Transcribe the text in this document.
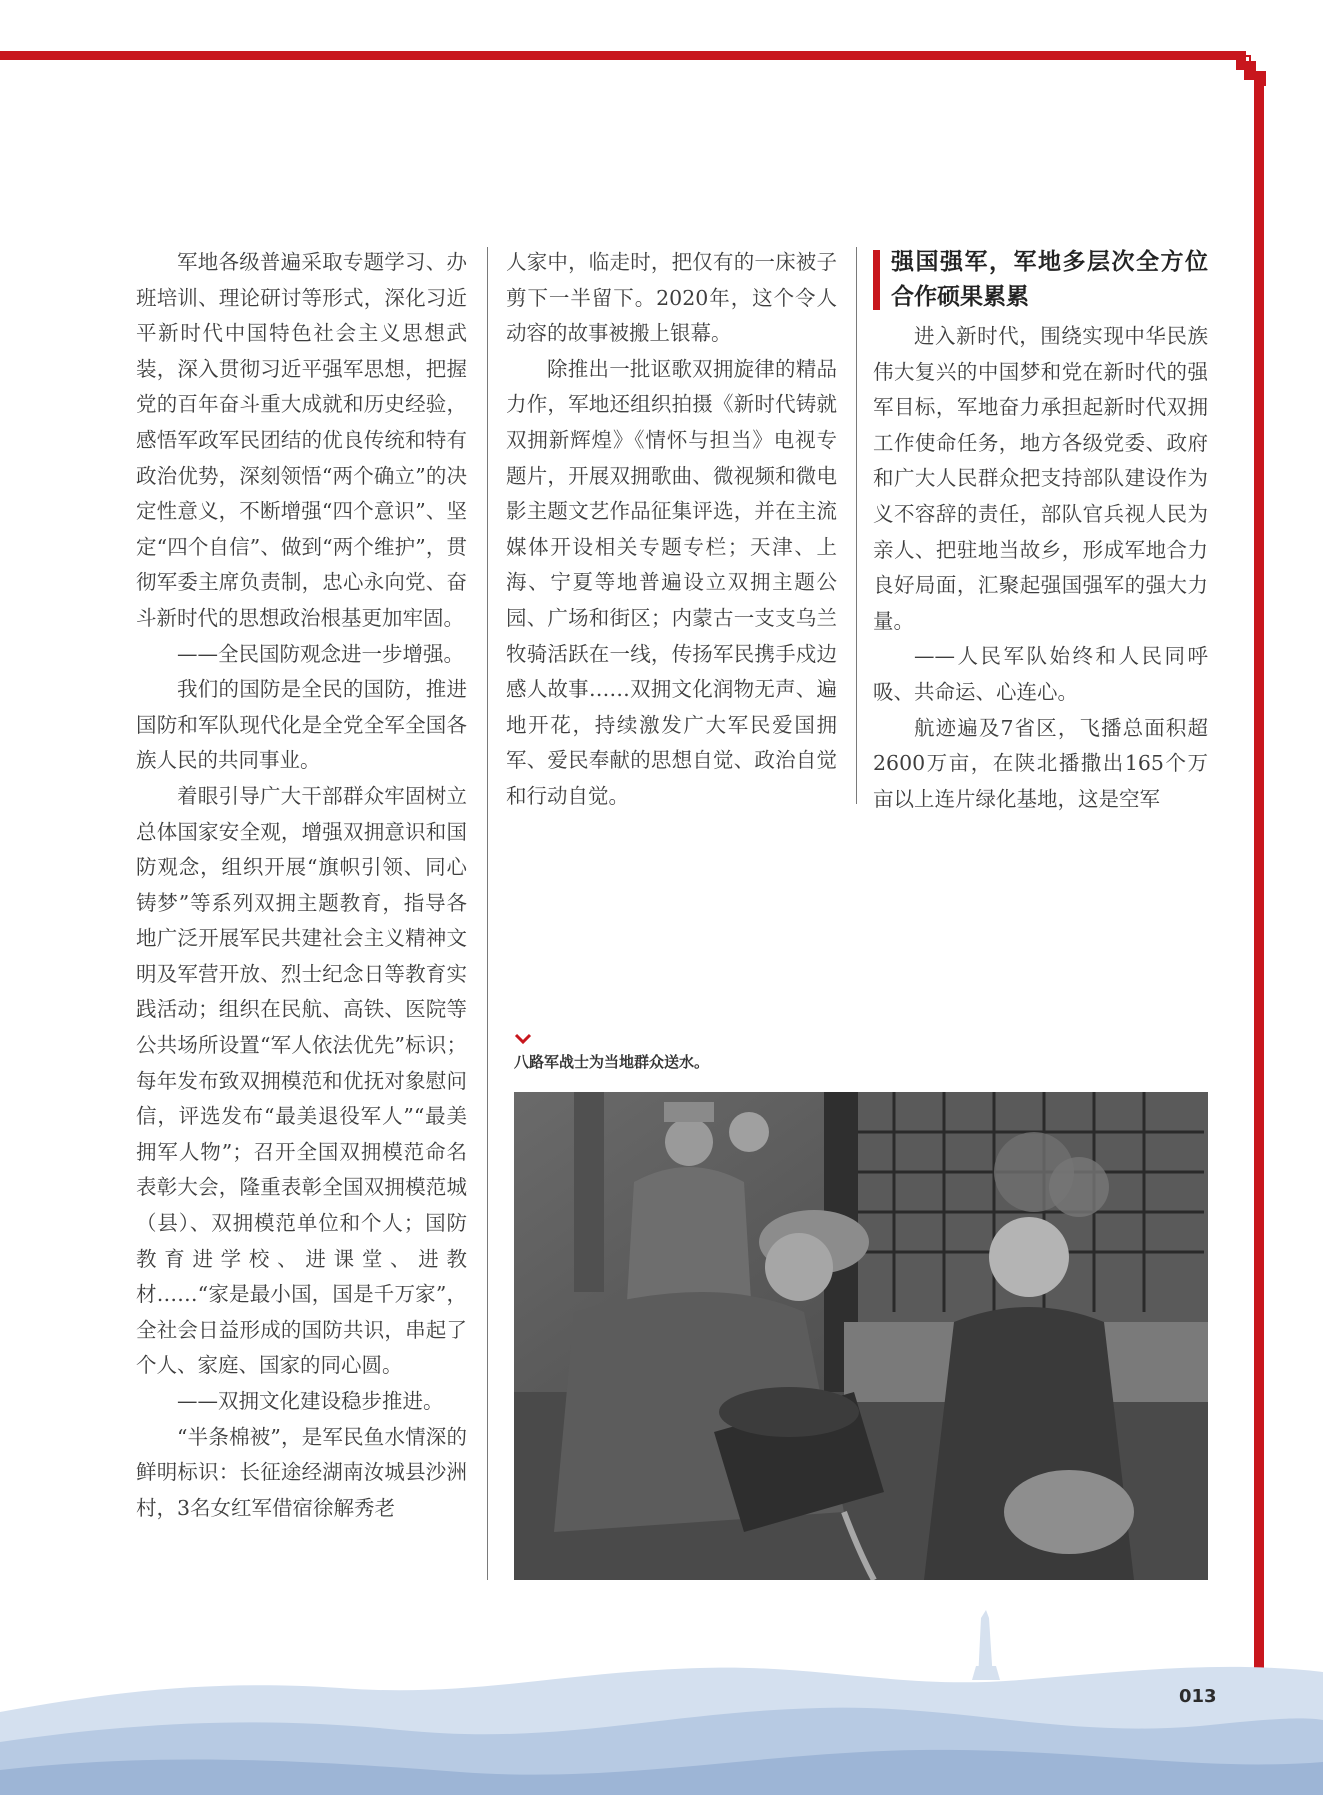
军地各级普遍采取专题学习、办班培训、理论研讨等形式，深化习近平新时代中国特色社会主义思想武装，深入贯彻习近平强军思想，把握党的百年奋斗重大成就和历史经验，感悟军政军民团结的优良传统和特有政治优势，深刻领悟“两个确立”的决定性意义，不断增强“四个意识”、坚定“四个自信”、做到“两个维护”，贯彻军委主席负责制，忠心永向党、奋斗新时代的思想政治根基更加牢固。

——全民国防观念进一步增强。

我们的国防是全民的国防，推进国防和军队现代化是全党全军全国各族人民的共同事业。

着眼引导广大干部群众牢固树立总体国家安全观，增强双拥意识和国防观念，组织开展“旗帜引领、同心铸梦”等系列双拥主题教育，指导各地广泛开展军民共建社会主义精神文明及军营开放、烈士纪念日等教育实践活动；组织在民航、高铁、医院等公共场所设置“军人依法优先”标识；每年发布致双拥模范和优抚对象慰问信，评选发布“最美退役军人”“最美拥军人物”；召开全国双拥模范命名表彰大会，隆重表彰全国双拥模范城（县）、双拥模范单位和个人；国防教育进学校、进课堂、进教材……“家是最小国，国是千万家”，全社会日益形成的国防共识，串起了个人、家庭、国家的同心圆。

——双拥文化建设稳步推进。

“半条棉被”，是军民鱼水情深的鲜明标识：长征途经湖南汝城县沙洲村，3名女红军借宿徐解秀老

人家中，临走时，把仅有的一床被子剪下一半留下。2020年，这个令人动容的故事被搬上银幕。

除推出一批讴歌双拥旋律的精品力作，军地还组织拍摄《新时代铸就双拥新辉煌》《情怀与担当》电视专题片，开展双拥歌曲、微视频和微电影主题文艺作品征集评选，并在主流媒体开设相关专题专栏；天津、上海、宁夏等地普遍设立双拥主题公园、广场和街区；内蒙古一支支乌兰牧骑活跃在一线，传扬军民携手戍边感人故事……双拥文化润物无声、遍地开花，持续激发广大军民爱国拥军、爱民奉献的思想自觉、政治自觉和行动自觉。

强国强军，军地多层次全方位合作硕果累累

进入新时代，围绕实现中华民族伟大复兴的中国梦和党在新时代的强军目标，军地奋力承担起新时代双拥工作使命任务，地方各级党委、政府和广大人民群众把支持部队建设作为义不容辞的责任，部队官兵视人民为亲人、把驻地当故乡，形成军地合力良好局面，汇聚起强国强军的强大力量。

——人民军队始终和人民同呼吸、共命运、心连心。

航迹遍及7省区，飞播总面积超2600万亩，在陕北播撒出165个万亩以上连片绿化基地，这是空军

八路军战士为当地群众送水。
013
